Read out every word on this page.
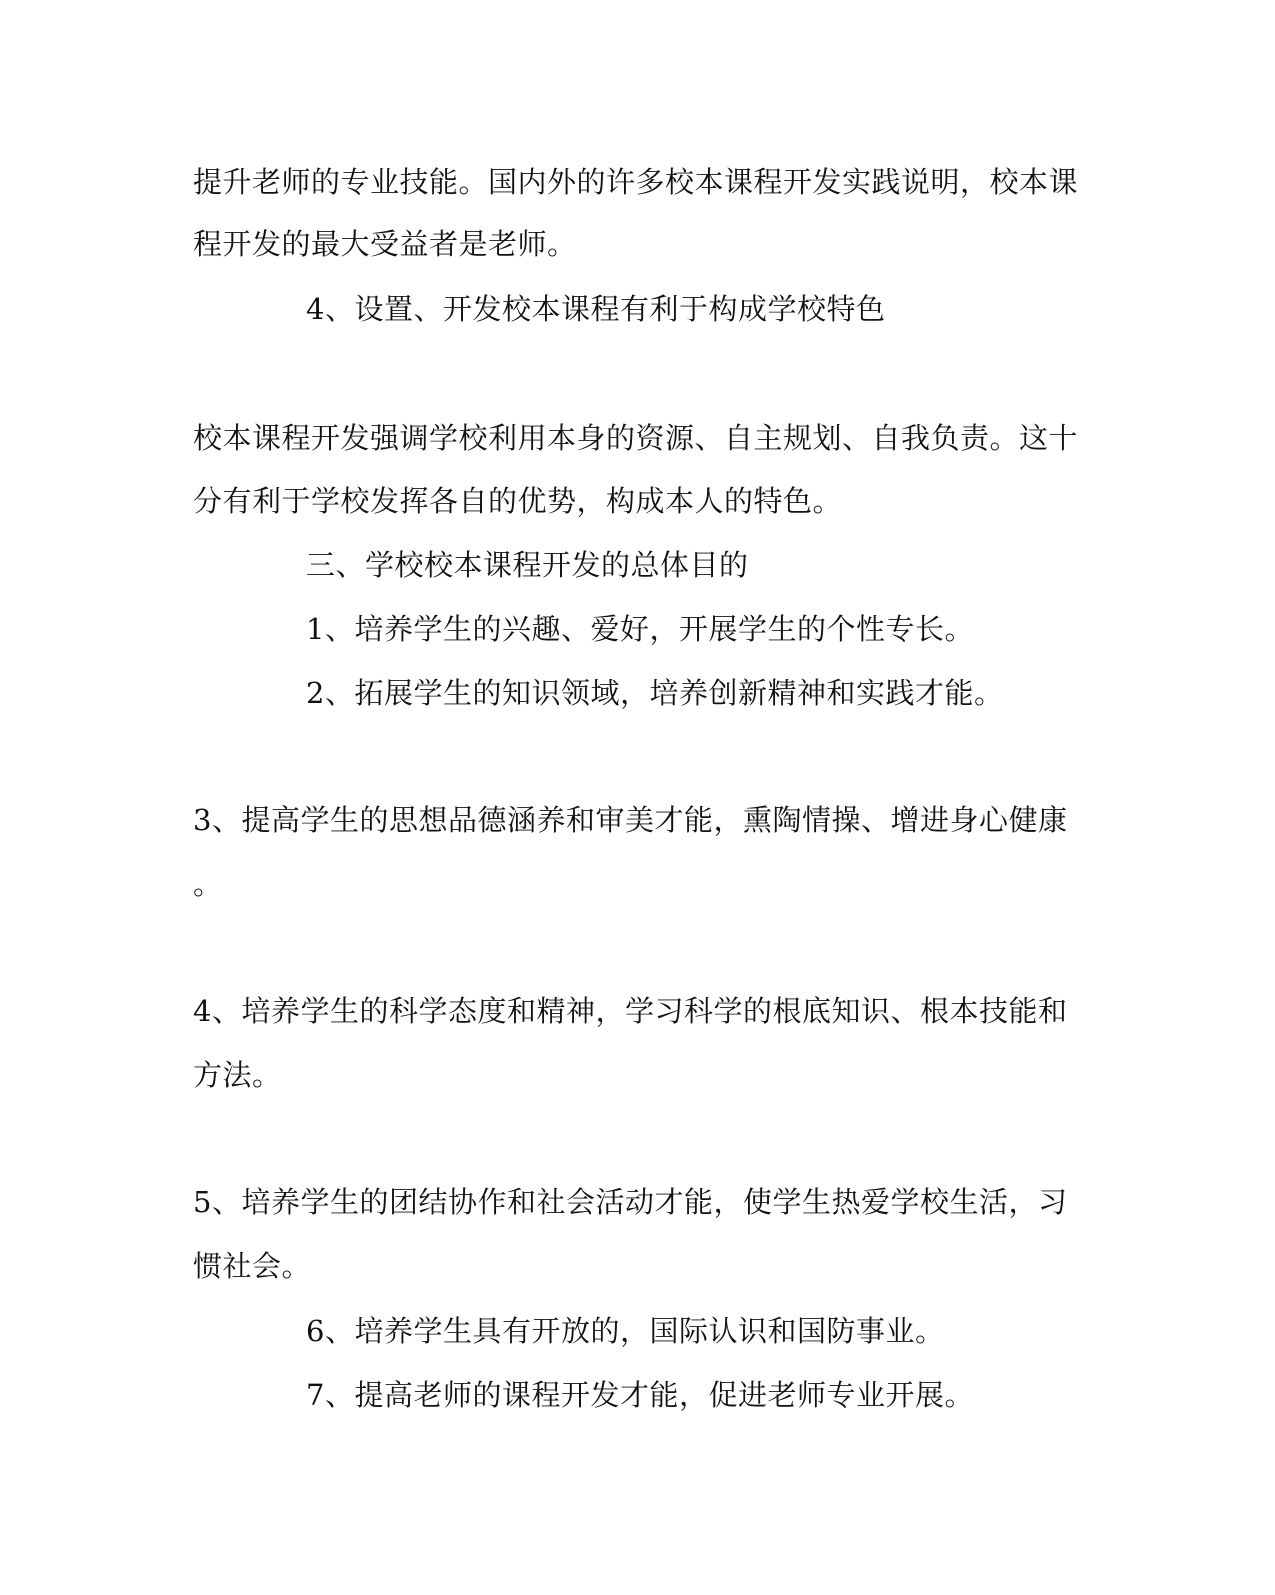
提升老师的专业技能。国内外的许多校本课程开发实践说明，校本课
程开发的最大受益者是老师。
4、设置、开发校本课程有利于构成学校特色
校本课程开发强调学校利用本身的资源、自主规划、自我负责。这十
分有利于学校发挥各自的优势，构成本人的特色。
三、学校校本课程开发的总体目的
1、培养学生的兴趣、爱好，开展学生的个性专长。
2、拓展学生的知识领域，培养创新精神和实践才能。
3、提高学生的思想品德涵养和审美才能，熏陶情操、增进身心健康
。
4、培养学生的科学态度和精神，学习科学的根底知识、根本技能和
方法。
5、培养学生的团结协作和社会活动才能，使学生热爱学校生活，习
惯社会。
6、培养学生具有开放的，国际认识和国防事业。
7、提高老师的课程开发才能，促进老师专业开展。
